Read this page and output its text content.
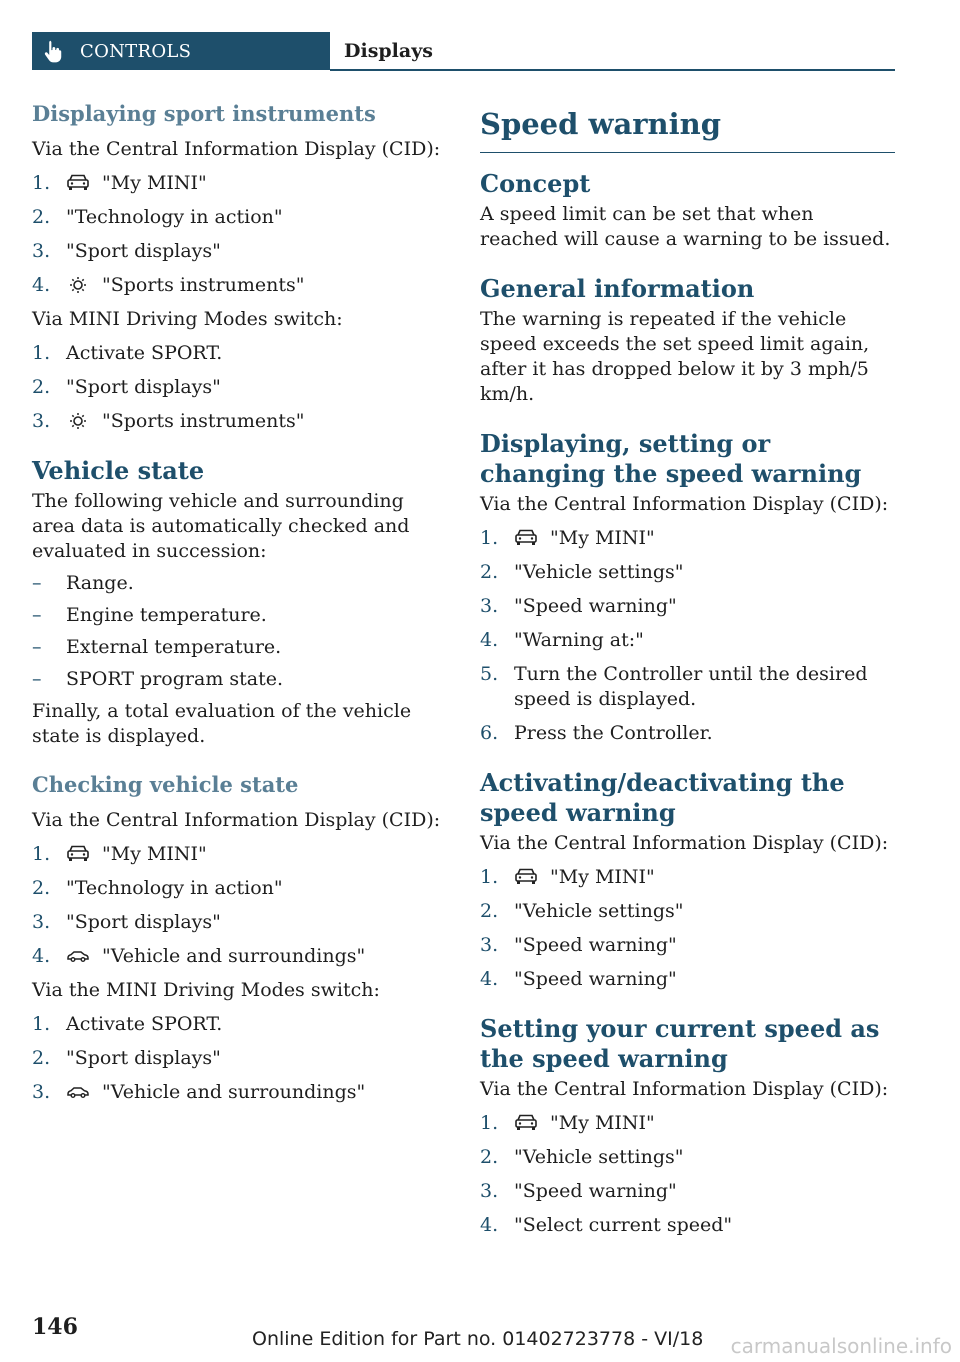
CONTROLS	Displays
Displaying sport instruments

Via the Central Information Display (CID):

1.	"My MINI"
2. "Technology in action"
3. "Sport displays"
4.	"Sports instruments"

Via MINI Driving Modes switch:

1. Activate SPORT.
2. "Sport displays"
3.	"Sports instruments"
Vehicle state

The following vehicle and surrounding area data is automatically checked and evaluated in succession:

–	Range.
–	Engine temperature.
–	External temperature.
–	SPORT program state.

Finally, a total evaluation of the vehicle state is displayed.

Checking vehicle state

Via the Central Information Display (CID):

1.	"My MINI"
2. "Technology in action"
3. "Sport displays"
4.	"Vehicle and surroundings"

Via the MINI Driving Modes switch:

1. Activate SPORT.
2. "Sport displays"
3.	"Vehicle and surroundings"
Speed warning
Concept

A speed limit can be set that when reached will cause a warning to be issued.

General information

The warning is repeated if the vehicle speed exceeds the set speed limit again, after it has dropped below it by 3 mph/5 km/h.

Displaying, setting or changing the speed warning

Via the Central Information Display (CID):

1.	"My MINI"
2. "Vehicle settings"
3. "Speed warning"
4. "Warning at:"
5. Turn the Controller until the desired speed is displayed.
6. Press the Controller.
Activating/deactivating the speed warning

Via the Central Information Display (CID):

1.	"My MINI"
2. "Vehicle settings"
3. "Speed warning"
4. "Speed warning"
Setting your current speed as the speed warning

Via the Central Information Display (CID):

1.	"My MINI"
2. "Vehicle settings"
3. "Speed warning"
4. "Select current speed"
146	Online Edition for Part no. 01402723778 - VI/18 carmanualsonline.info
